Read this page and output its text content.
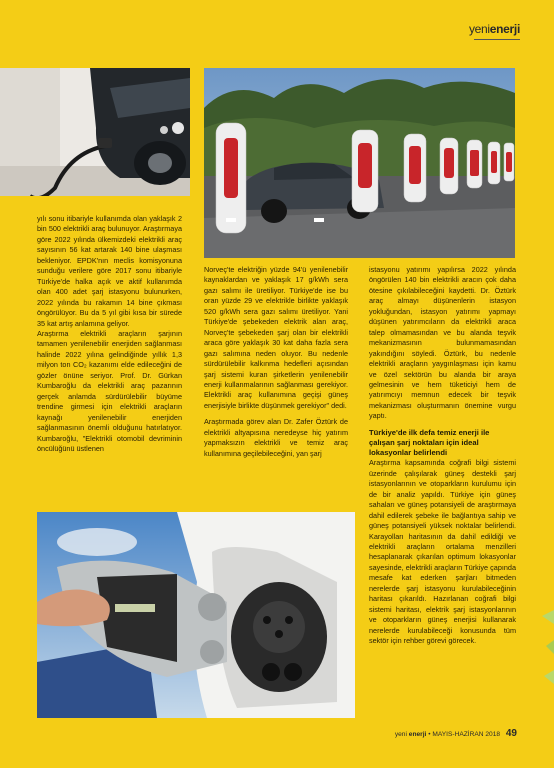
yenienerji

yılı sonu itibariyle kullanımda olan yaklaşık 2 bin 500 elektrikli araç bulunuyor. Araştırmaya göre 2022 yılında ülkemizdeki elektrikli araç sayısının 56 kat artarak 140 bine ulaşması bekleniyor. EPDK'nın meclis komisyonuna sunduğu verilere göre 2017 sonu itibariyle Türkiye'de halka açık ve aktif kullanımda olan 400 adet şarj istasyonu bulunurken, 2022 yılında bu rakamın 14 bine çıkması öngörülüyor. Bu da 5 yıl gibi kısa bir sürede 35 kat artış anlamına geliyor.

Araştırma elektrikli araçların şarjının tamamen yenilenebilir enerjiden sağlanması halinde 2022 yılına gelindiğinde yıllık 1,3 milyon ton CO₂ kazanımı elde edileceğini de gözler önüne seriyor. Prof. Dr. Gürkan Kumbaroğlu da elektrikli araç pazarının gerçek anlamda sürdürülebilir büyüme trendine girmesi için elektrikli araçların kaynağı yenilenebilir enerjiden sağlanmasının önemli olduğunu hatırlatıyor. Kumbaroğlu, "Elektrikli otomobil devriminin öncülüğünü üstlenen

Norveç'te elektriğin yüzde 94'ü yenilenebilir kaynaklardan ve yaklaşık 17 g/kWh sera gazı salımı ile üretiliyor. Türkiye'de ise bu oran yüzde 29 ve elektrikle birlikte yaklaşık 520 g/kWh sera gazı salımı üretiliyor. Yani Türkiye'de şebekeden elektrik alan araç, Norveç'te şebekeden şarj olan bir elektrikli araca göre yaklaşık 30 kat daha fazla sera gazı salımına neden oluyor. Bu nedenle sürdürülebilir kalkınma hedefleri açısından şarj sistemi kuran şirketlerin yenilenebilir enerji kullanmalarının sağlanması gerekiyor. Elektrikli araç kullanımına geçişi güneş enerjisiyle birlikte düşünmek gerekiyor" dedi.

Araştırmada görev alan Dr. Zafer Öztürk de elektrikli altyapısına neredeyse hiç yatırım yapmaksızın elektrikli ve temiz araç kullanımına geçilebileceğini, yan şarj

istasyonu yatırımı yapılırsa 2022 yılında öngörülen 140 bin elektrikli aracın çok daha ötesine çıkılabileceğini kaydetti. Dr. Öztürk araç almayı düşünenlerin istasyon yokluğundan, istasyon yatırımı yapmayı düşünen yatırımcıların da elektrikli araca talep olmamasından ve bu alanda teşvik mekanizmasının bulunmamasından yakındığını söyledi. Öztürk, bu nedenle elektrikli araçların yaygınlaşması için kamu ve özel sektörün bu alanda bir araya gelmesinin ve hem tüketiciyi hem de yatırımcıyı memnun edecek bir teşvik mekanizması oluşturmanın önemine vurgu yaptı.

Türkiye'de ilk defa temiz enerji ile çalışan şarj noktaları için ideal lokasyonlar belirlendi

Araştırma kapsamında coğrafi bilgi sistemi üzerinde çalışılarak güneş destekli şarj istasyonlarının ve otoparkların kurulumu için de bir analiz yapıldı. Türkiye için güneş sahaları ve güneş potansiyeli de araştırmaya dahil edilerek şebeke ile bağlantıya sahip ve güneş potansiyeli yüksek noktalar belirlendi. Karayolları haritasının da dahil edildiği ve elektrikli araçların ortalama menzilleri hesaplanarak çıkarılan optimum lokasyonlar sayesinde, elektrikli araçların Türkiye çapında mesafe kat ederken şarjları bitmeden nerelerde şarj istasyonu kurulabileceğinin haritası çıkarıldı. Hazırlanan coğrafi bilgi sistemi haritası, elektrik şarj istasyonlarının ve otoparkların güneş enerjisi kullanarak nerelerde kurulabileceği konusunda tüm sektör için rehber görevi görecek.

yeni enerji • MAYIS-HAZİRAN 2018 49
